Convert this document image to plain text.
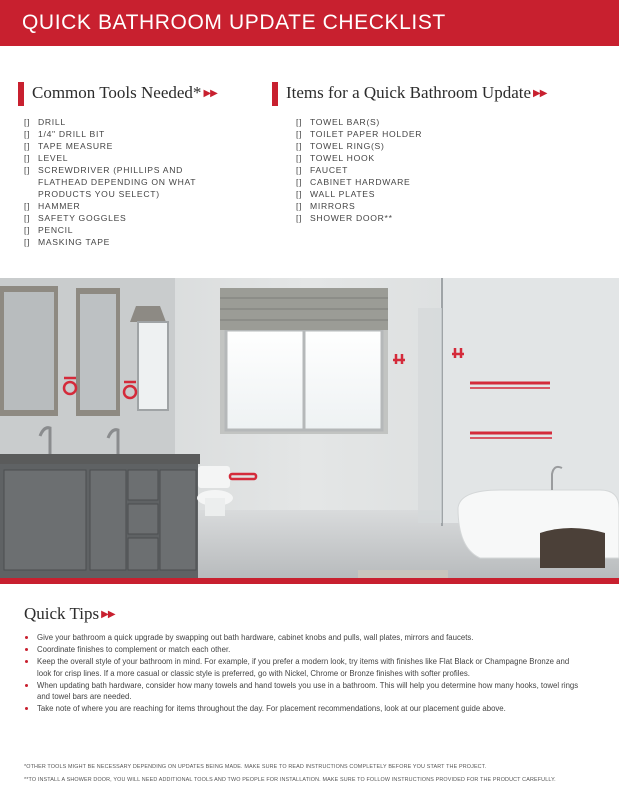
QUICK BATHROOM UPDATE CHECKLIST
Common Tools Needed* ▶▶
[] DRILL
[] 1/4" DRILL BIT
[] TAPE MEASURE
[] LEVEL
[] SCREWDRIVER (PHILLIPS AND
FLATHEAD DEPENDING ON WHAT
PRODUCTS YOU SELECT)
[] HAMMER
[] SAFETY GOGGLES
[] PENCIL
[] MASKING TAPE
Items for a Quick Bathroom Update ▶▶
[] TOWEL BAR(S)
[] TOILET PAPER HOLDER
[] TOWEL RING(S)
[] TOWEL HOOK
[] FAUCET
[] CABINET HARDWARE
[] WALL PLATES
[] MIRRORS
[] SHOWER DOOR**
Quick Tips ▶▶
Give your bathroom a quick upgrade by swapping out bath hardware, cabinet knobs and pulls, wall plates, mirrors and faucets.
Coordinate finishes to complement or match each other.
Keep the overall style of your bathroom in mind. For example, if you prefer a modern look, try items with finishes like Flat Black or Champagne Bronze and look for crisp lines. If a more casual or classic style is preferred, go with Nickel, Chrome or Bronze finishes with softer profiles.
When updating bath hardware, consider how many towels and hand towels you use in a bathroom. This will help you determine how many hooks, towel rings and towel bars are needed.
Take note of where you are reaching for items throughout the day. For placement recommendations, look at our placement guide above.
*OTHER TOOLS MIGHT BE NECESSARY DEPENDING ON UPDATES BEING MADE. MAKE SURE TO READ INSTRUCTIONS COMPLETELY BEFORE YOU START THE PROJECT.
**TO INSTALL A SHOWER DOOR, YOU WILL NEED ADDITIONAL TOOLS AND TWO PEOPLE FOR INSTALLATION. MAKE SURE TO FOLLOW INSTRUCTIONS PROVIDED FOR THE PRODUCT CAREFULLY.
